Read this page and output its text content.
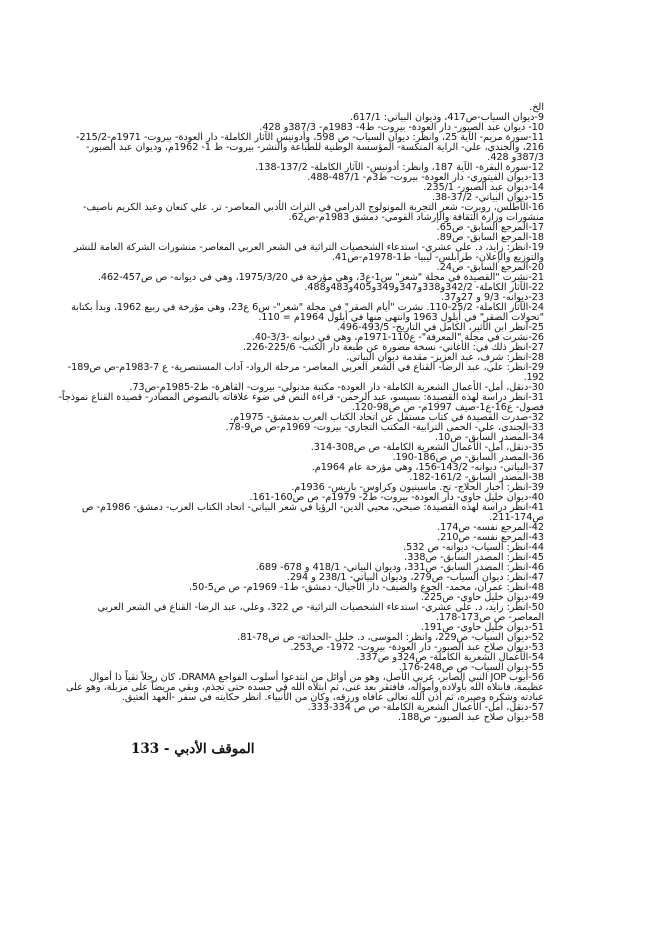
الخ.
9-ديوان السياب-ص417، وديوان البياتي: 617/1.
10- ديوان عبد الصبور- دار العودة- بيروت- ط4- 1983م- 387/3و 428.
11-سورة مريم- الآية 25، وانظر: ديوان السياب- ص 598، وأدونيس الآثار الكاملة- دار العودة- بيروت- 1971م-215/2-
216، والجندي، علي- الراية المنكسة- المؤسسة الوطنية للطباعة والنشر- بيروت- ط 1- 1962م، وديوان عبد الصبور-
387/3و 428.
12-سورة البقرة- الآية 187، وانظر: أدونيس- الآثار الكاملة- 137/2-138.
13-ديوان الفيتوري- دار العودة- بيروت- ط3م- 487/1-488.
14-ديوان عبد الصبور- 235/1.
15-ديوان البياتي- 37/2-38.
16-الأطلس، روبرت- شعر التجربة المونولوج الدرامي في التراث الأدبي المعاصر- تر. علي كنعان وعبد الكريم ناصيف-
منشورات وزارة الثقافة والإرشاد القومي- دمشق 1983م-ص62.
17-المرجع السابق- ص65.
18-المرجع السابق- ص89.
19-انظر: زايد، د. علي عشري- استدعاء الشخصيات التراثية في الشعر العربي المعاصر- منشورات الشركة العامة للنشر
والتوزيع والإعلان- طرابلس- ليبيا- ط1-1978م-ص41.
20-المرجع السابق- ص24.
21-نشرت "القصيدة في مجلة "شعر" س1-ع3، وهي مؤرخة في 1975/3/20، وهي في ديوانه- ص ص457-462.
22-الآثار الكاملة- 342/2و338و347و349و405و483و488.
23-ديوانه- 9/3 و 27و37.
24-الآثار الكاملة- 25/2-110. نشرت "أيام الصقر" في مجلة "شعر"- س6 ع23، وهي مؤرخة في ربيع 1962، وبدأ بكتابة
"تحولات الصقر" في أيلول 1963 وانتهى منها في أيلول 1964م = 110.
25-انظر ابن الأثير، الكامل في التاريخ- 493/5-496.
26-نشرت في مجلة "المعرفة"- ع110-1971م، وهي في ديوانه -3/3-40.
27-انظر ذلك في: الأغاني- نسخة مصورة عن طبعة دار الكتب- 225/6-226.
28-انظر: شرف، عبد العزيز- مقدمة ديوان البياتي.
29-انظر: علي، عبد الرضا- القناع في الشعر العربي المعاصر- مرحلة الرواد- آداب المستنصرية- ع 7-1983م-ص ص189-
192.
30-دنقل، أمل- الأعمال الشعرية الكاملة- دار العودة- مكتبة مدبولي- بيروت- القاهرة- ط2-1985م-ص73.
31-انظر دراسة لهذه القصيدة: بسيسو، عبد الرحمن- قراءة النص في ضوء علاقاته بالنصوص المصادر- قصيدة القناع نموذجاً-
فصول- ع16-ع1-صيف 1997م- ص ص98-120.
32-صدرت القصيدة في كتاب مستقل عن اتحاد الكتاب العرب بدمشق- 1975م.
33-الجندي، علي- الحمى الترابية- المكتب التجاري- بيروت- 1969م-ص ص9-78.
34-المصدر السابق- ص10.
35-دنقل، أمل- الأعمال الشعرية الكاملة- ص ص308-314.
36-المصدر السابق- ص ص186-190.
37-البياتي- ديوانه- 143/2-156، وهي مؤرخة عام 1964م.
38-المصدر السابق- 161/2-182.
39-انظر: أخبار الحلاج- تح. ماسينيون وكراوس- باريس- 1936م.
40-ديوان خليل حاوي- دار العودة- بيروت- ط2- 1979م- ص ص160-161.
41-انظر دراسة لهذه القصيدة: صبحي، محيي الدين- الرؤيا في شعر البياتي- اتحاد الكتاب العرب- دمشق- 1986م- ص
ص174-211.
42-المرجع نفسه- ص174.
43-المرجع نفسه- ص210.
44-انظر: السياب- ديوانه- ص 532.
45-انظر: المصدر السابق- ص338.
46-انظر: المصدر السابق- ص331، وديوان البياتي- 418/1 و 678- 689.
47-انظر: ديوان السياب- ص279، وديوان البياتي- 238/1 و 294.
48-انظر: عمران، محمد- الجوع والضيف- دار الأجيال- دمشق- ط1- 1969م- ص ص5-50.
49-ديوان خليل حاوي- ص225.
50-انظر: زايد، د. علي عشري- استدعاء الشخصيات التراثية- ص 322، وعلي، عبد الرضا- القناع في الشعر العربي
المعاصر- ص ص173-178.
51-ديوان خليل حاوي- ص191.
52-ديوان السياب- ص229، وانظر: الموسى، د. خليل -الحداثة- ص ص78-81.
53-ديوان صلاح عبد الصبور- دار العودة- بيروت- 1972- ص253.
54-الأعمال الشعرية الكاملة- ص324و ص337.
55-ديوان السياب- ص ص248-176.
56-أيوب JOP النبي الصابر، عربي الأصل، وهو من أوائل من ابتدعوا أسلوب الفواجع DRAMA، كان رجلاً تقياً ذا أموال
عظيمة، فابتلاه الله بأولاده وأمواله، فافتقر بعد غنى، ثم ابتلاه الله في جسده حتى تجذم، وبقي مريضاً على مزبلة، وهو على
عبادته وشكره وصبره، ثم أذن الله تعالى عافاه ورزقه، وكان من الأنبياء. انظر حكايته في سفر -العهد العتيق.
57-دنقل، أمل- الأعمال الشعرية الكاملة- ص ص 334-333.
58-ديوان صلاح عبد الصبور- ص188.
الموقف الأدبي - 133
